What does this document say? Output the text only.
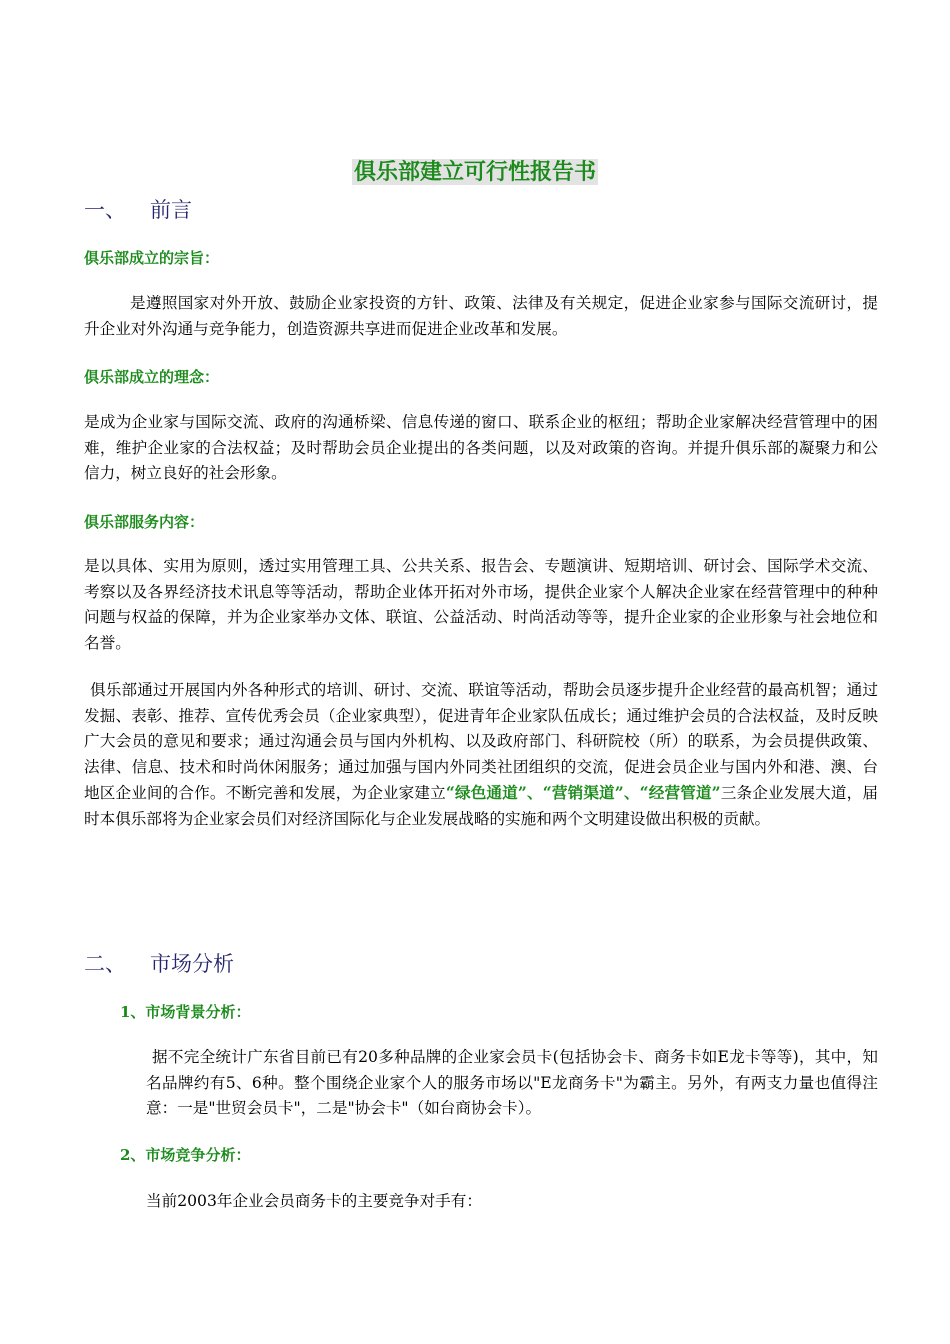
俱乐部建立可行性报告书
一、 前言
俱乐部成立的宗旨：
是遵照国家对外开放、鼓励企业家投资的方针、政策、法律及有关规定，促进企业家参与国际交流研讨，提升企业对外沟通与竞争能力，创造资源共享进而促进企业改革和发展。
俱乐部成立的理念：
是成为企业家与国际交流、政府的沟通桥梁、信息传递的窗口、联系企业的枢纽；帮助企业家解决经营管理中的困难，维护企业家的合法权益；及时帮助会员企业提出的各类问题，以及对政策的咨询。并提升俱乐部的凝聚力和公信力，树立良好的社会形象。
俱乐部服务内容：
是以具体、实用为原则，透过实用管理工具、公共关系、报告会、专题演讲、短期培训、研讨会、国际学术交流、考察以及各界经济技术讯息等等活动，帮助企业体开拓对外市场，提供企业家个人解决企业家在经营管理中的种种问题与权益的保障，并为企业家举办文体、联谊、公益活动、时尚活动等等，提升企业家的企业形象与社会地位和名誉。
俱乐部通过开展国内外各种形式的培训、研讨、交流、联谊等活动，帮助会员逐步提升企业经营的最高机智；通过发掘、表彰、推荐、宣传优秀会员（企业家典型），促进青年企业家队伍成长；通过维护会员的合法权益，及时反映广大会员的意见和要求；通过沟通会员与国内外机构、以及政府部门、科研院校（所）的联系，为会员提供政策、法律、信息、技术和时尚休闲服务；通过加强与国内外同类社团组织的交流，促进会员企业与国内外和港、澳、台地区企业间的合作。不断完善和发展，为企业家建立“绿色通道”、“营销渠道”、“经营管道”三条企业发展大道，届时本俱乐部将为企业家会员们对经济国际化与企业发展战略的实施和两个文明建设做出积极的贡献。
二、 市场分析
1、市场背景分析：
据不完全统计广东省目前已有20多种品牌的企业家会员卡(包括协会卡、商务卡如E龙卡等等)，其中，知名品牌约有5、6种。整个围绕企业家个人的服务市场以"E龙商务卡"为霸主。另外，有两支力量也值得注意：一是"世贸会员卡"，二是"协会卡"（如台商协会卡）。
2、市场竞争分析：
当前2003年企业会员商务卡的主要竞争对手有：
